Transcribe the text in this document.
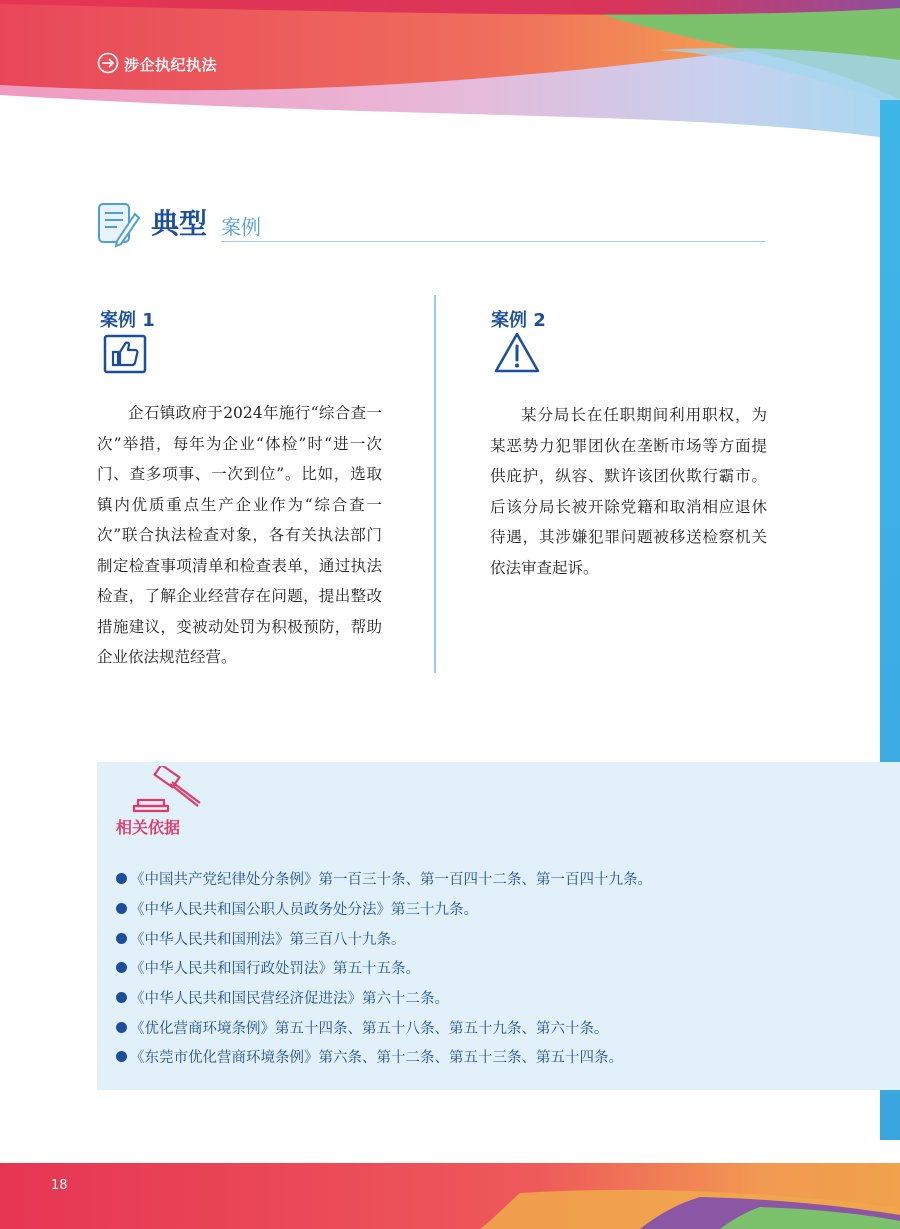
涉企执纪执法
典型 案例
案例 1

企石镇政府于2024年施行“综合查一次”举措，每年为企业“体检”时“进一次门、查多项事、一次到位”。比如，选取镇内优质重点生产企业作为“综合查一次”联合执法检查对象，各有关执法部门制定检查事项清单和检查表单，通过执法检查，了解企业经营存在问题，提出整改措施建议，变被动处罚为积极预防，帮助企业依法规范经营。

案例 2

某分局长在任职期间利用职权，为某恶势力犯罪团伙在垄断市场等方面提供庇护，纵容、默许该团伙欺行霸市。后该分局长被开除党籍和取消相应退休待遇，其涉嫌犯罪问题被移送检察机关依法审查起诉。

相关依据
《中国共产党纪律处分条例》第一百三十条、第一百四十二条、第一百四十九条。
《中华人民共和国公职人员政务处分法》第三十九条。
《中华人民共和国刑法》第三百八十九条。
《中华人民共和国行政处罚法》第五十五条。
《中华人民共和国民营经济促进法》第六十二条。
《优化营商环境条例》第五十四条、第五十八条、第五十九条、第六十条。
《东莞市优化营商环境条例》第六条、第十二条、第五十三条、第五十四条。
18
